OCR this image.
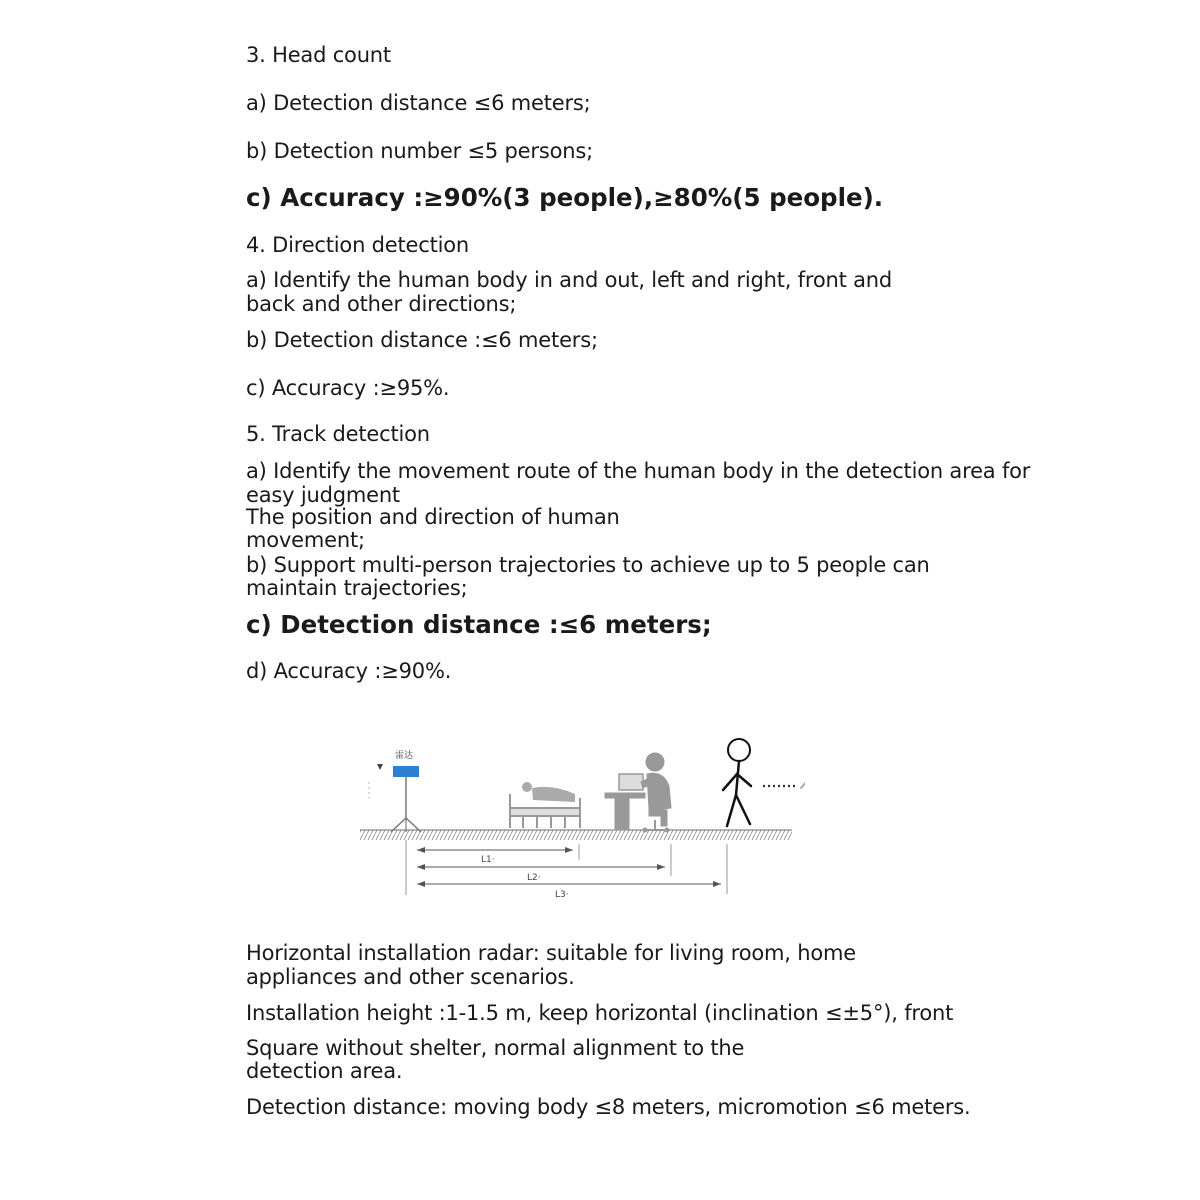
3. Head count

a) Detection distance ≤6 meters;

b) Detection number ≤5 persons;

c) Accuracy :≥90%(3 people),≥80%(5 people).

4. Direction detection

a) Identify the human body in and out, left and right, front and

back and other directions;

b) Detection distance :≤6 meters;

c) Accuracy :≥95%.

5. Track detection

a) Identify the movement route of the human body in the detection area for

easy judgment

The position and direction of human

movement;

b) Support multi-person trajectories to achieve up to 5 people can

maintain trajectories;

c) Detection distance :≤6 meters;

d) Accuracy :≥90%.

雷达
L1·
L2·
L3·

Horizontal installation radar: suitable for living room, home

appliances and other scenarios.

Installation height :1-1.5 m, keep horizontal (inclination ≤±5°), front

Square without shelter, normal alignment to the

detection area.

Detection distance: moving body ≤8 meters, micromotion ≤6 meters.
